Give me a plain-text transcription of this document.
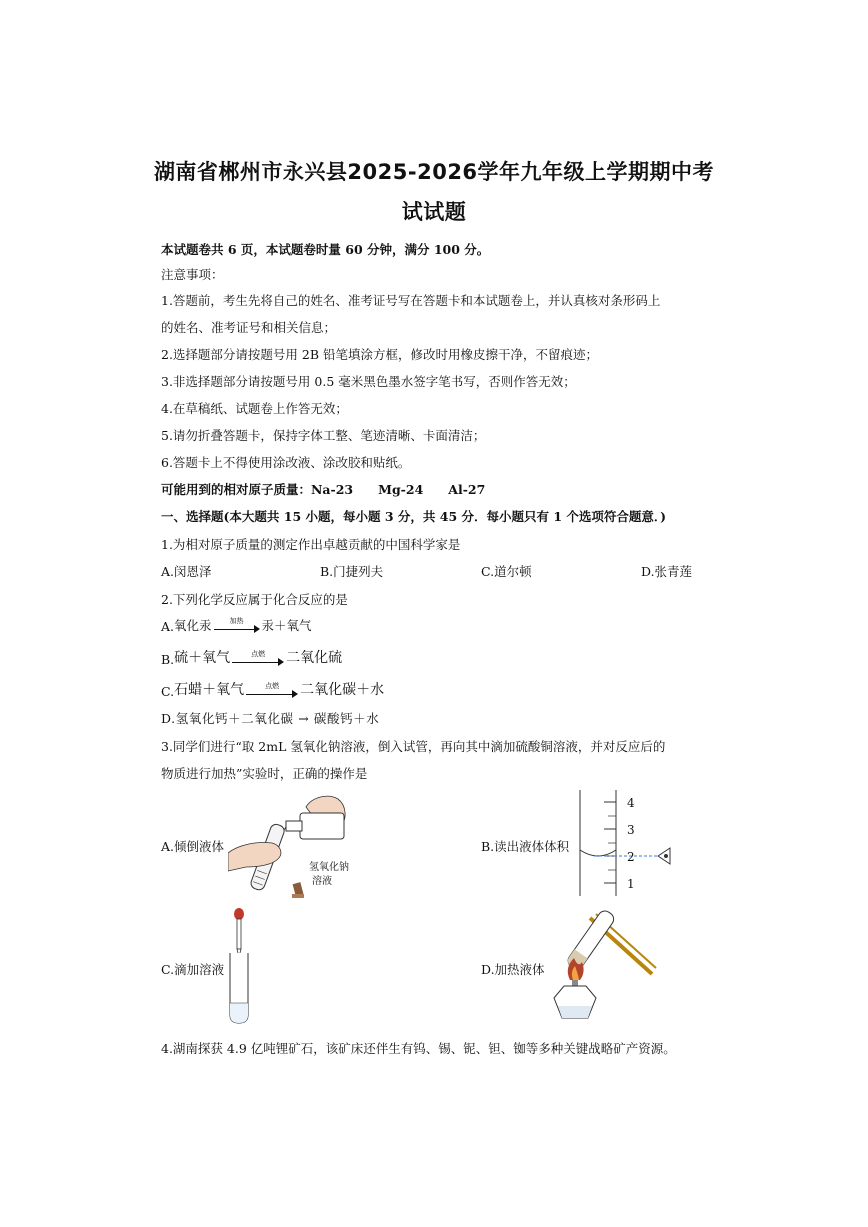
湖南省郴州市永兴县2025-2026学年九年级上学期期中考
试试题
本试题卷共 6 页，本试题卷时量 60 分钟，满分 100 分。
注意事项：
1.答题前，考生先将自己的姓名、准考证号写在答题卡和本试题卷上，并认真核对条形码上
的姓名、准考证号和相关信息；
2.选择题部分请按题号用 2B 铅笔填涂方框，修改时用橡皮擦干净，不留痕迹；
3.非选择题部分请按题号用 0.5 毫米黑色墨水签字笔书写，否则作答无效；
4.在草稿纸、试题卷上作答无效；
5.请勿折叠答题卡，保持字体工整、笔迹清晰、卡面清洁；
6.答题卡上不得使用涂改液、涂改胶和贴纸。
可能用到的相对原子质量：Na-23　　Mg-24　　Al-27
一、选择题(本大题共 15 小题，每小题 3 分，共 45 分．每小题只有 1 个选项符合题意．)
1.为相对原子质量的测定作出卓越贡献的中国科学家是
A.闵恩泽	B.门捷列夫	C.道尔顿	D.张青莲
2.下列化学反应属于化合反应的是
A. 氧化汞	加热	汞＋氧气
B. 硫＋氧气	点燃	二氧化硫
C. 石蜡＋氧气	点燃	二氧化碳＋水
D.氢氧化钙＋二氧化碳 → 碳酸钙＋水
3.同学们进行“取 2mL 氢氧化钠溶液，倒入试管，再向其中滴加硫酸铜溶液，并对反应后的
物质进行加热”实验时，正确的操作是
A.倾倒液体
氢氧化钠
溶液
B.读出液体体积
4
3
2
1
C.滴加溶液	D.加热液体
4.湖南探获 4.9 亿吨锂矿石，该矿床还伴生有钨、锡、铌、钽、铷等多种关键战略矿产资源。
